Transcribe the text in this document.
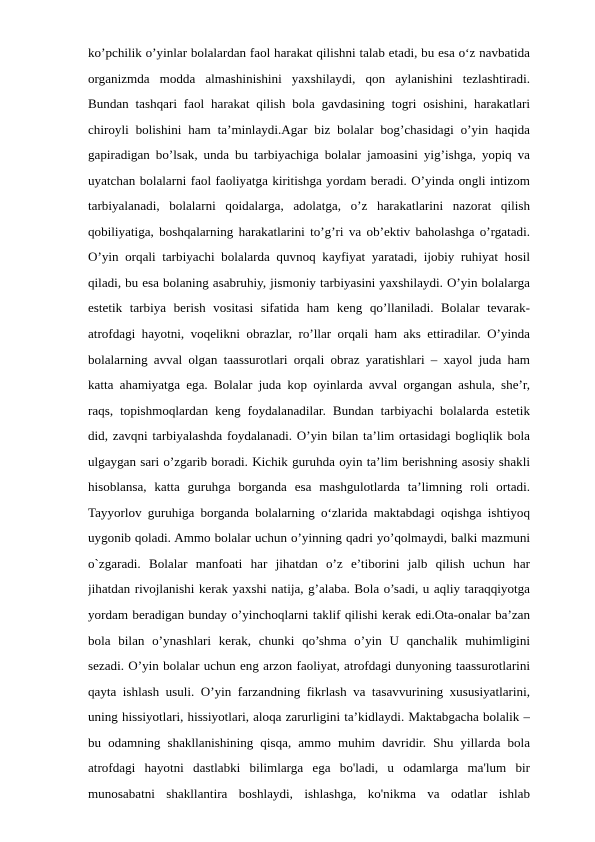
ko’pchilik o’yinlar bolalardan faol harakat qilishni talab etadi, bu esa o‘z navbatida
organizmda modda almashinishini yaxshilaydi, qon aylanishini tezlashtiradi.
Bundan tashqari faol harakat qilish bola gavdasining togri osishini, harakatlari
chiroyli bolishini ham ta’minlaydi.Agar biz bolalar bog’chasidagi o’yin haqida
gapiradigan bo’lsak, unda bu tarbiyachiga bolalar jamoasini yig’ishga, yopiq va
uyatchan bolalarni faol faoliyatga kiritishga yordam beradi. O’yinda ongli intizom
tarbiyalanadi, bolalarni qoidalarga, adolatga, o’z harakatlarini nazorat qilish
qobiliyatiga, boshqalarning harakatlarini to’g’ri va ob’ektiv baholashga o’rgatadi.
O’yin orqali tarbiyachi bolalarda quvnoq kayfiyat yaratadi, ijobiy ruhiyat hosil
qiladi, bu esa bolaning asabruhiy, jismoniy tarbiyasini yaxshilaydi. O’yin bolalarga
estetik tarbiya berish vositasi sifatida ham keng qo’llaniladi. Bolalar tevarak-
atrofdagi hayotni, voqelikni obrazlar, ro’llar orqali ham aks ettiradilar. O’yinda
bolalarning avval olgan taassurotlari orqali obraz yaratishlari – xayol juda ham
katta ahamiyatga ega. Bolalar juda kop oyinlarda avval organgan ashula, she’r,
raqs, topishmoqlardan keng foydalanadilar. Bundan tarbiyachi bolalarda estetik
did, zavqni tarbiyalashda foydalanadi. O’yin bilan ta’lim ortasidagi bogliqlik bola
ulgaygan sari o’zgarib boradi. Kichik guruhda oyin ta’lim berishning asosiy shakli
hisoblansa, katta guruhga borganda esa mashgulotlarda ta’limning roli ortadi.
Tayyorlov guruhiga borganda bolalarning o‘zlarida maktabdagi oqishga ishtiyoq
uygonib qoladi. Ammo bolalar uchun o’yinning qadri yo’qolmaydi, balki mazmuni
o`zgaradi. Bolalar manfoati har jihatdan o’z e’tiborini jalb qilish uchun har
jihatdan rivojlanishi kerak yaxshi natija, g’alaba. Bola o’sadi, u aqliy taraqqiyotga
yordam beradigan bunday o’yinchoqlarni taklif qilishi kerak edi.Ota-onalar ba’zan
bola bilan o’ynashlari kerak, chunki qo’shma o’yin U qanchalik muhimligini
sezadi. O’yin bolalar uchun eng arzon faoliyat, atrofdagi dunyoning taassurotlarini
qayta ishlash usuli. O’yin farzandning fikrlash va tasavvurining xususiyatlarini,
uning hissiyotlari, hissiyotlari, aloqa zarurligini ta’kidlaydi. Maktabgacha bolalik –
bu odamning shakllanishining qisqa, ammo muhim davridir. Shu yillarda bola
atrofdagi hayotni dastlabki bilimlarga ega bo'ladi, u odamlarga ma'lum bir
munosabatni shakllantira boshlaydi, ishlashga, ko'nikma va odatlar ishlab
